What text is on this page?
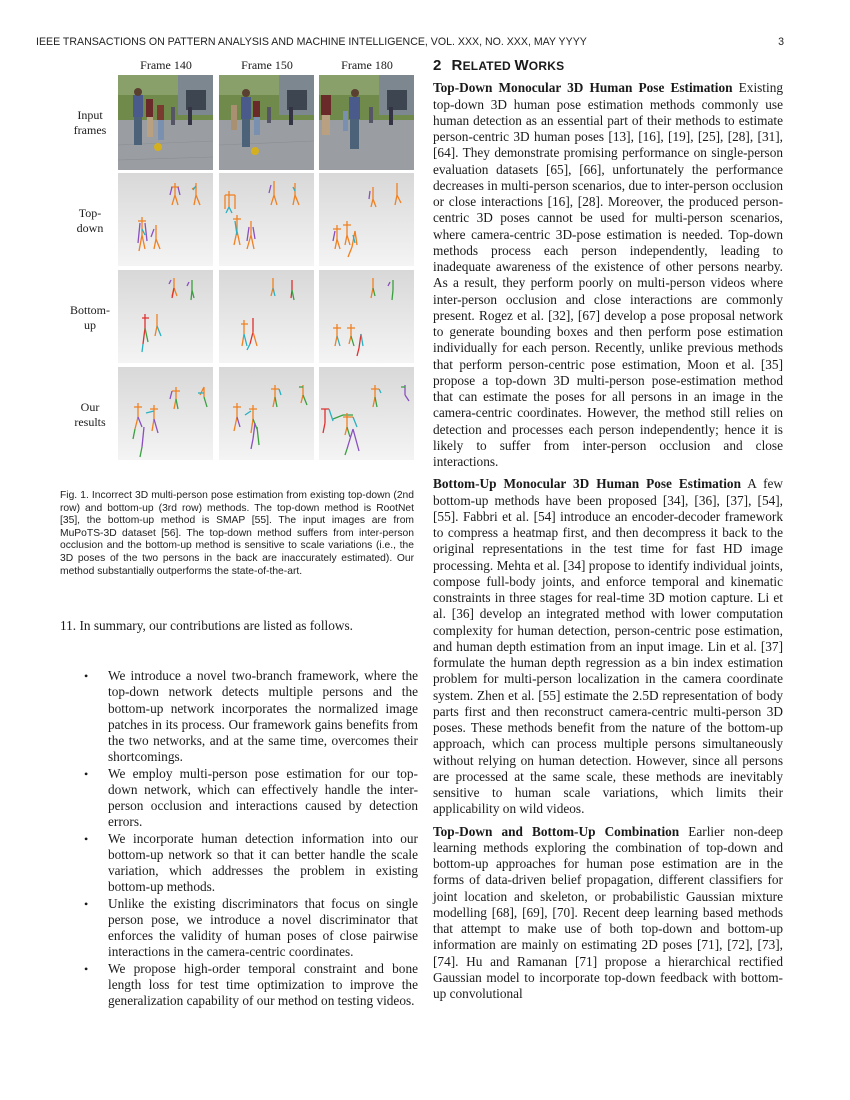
IEEE TRANSACTIONS ON PATTERN ANALYSIS AND MACHINE INTELLIGENCE, VOL. XXX, NO. XXX, MAY YYYY	3
Frame 140	Frame 150	Frame 180
Input
frames
Top-
down
Bottom-
up
Our
results
Fig. 1. Incorrect 3D multi-person pose estimation from existing top-down (2nd row) and bottom-up (3rd row) methods. The top-down method is RootNet [35], the bottom-up method is SMAP [55]. The input images are from MuPoTS-3D dataset [56]. The top-down method suffers from inter-person occlusion and the bottom-up method is sensitive to scale variations (i.e., the 3D poses of the two persons in the back are inaccurately estimated). Our method substantially outperforms the state-of-the-art.
11. In summary, our contributions are listed as follows.
• We introduce a novel two-branch framework, where the top-down network detects multiple persons and the bottom-up network incorporates the normalized image patches in its process. Our framework gains benefits from the two networks, and at the same time, overcomes their shortcomings.
• We employ multi-person pose estimation for our top-down network, which can effectively handle the inter-person occlusion and interactions caused by detection errors.
• We incorporate human detection information into our bottom-up network so that it can better handle the scale variation, which addresses the problem in existing bottom-up methods.
• Unlike the existing discriminators that focus on single person pose, we introduce a novel discriminator that enforces the validity of human poses of close pairwise interactions in the camera-centric coordinates.
• We propose high-order temporal constraint and bone length loss for test time optimization to improve the generalization capability of our method on testing videos.
2 RELATED WORKS

Top-Down Monocular 3D Human Pose Estimation Existing top-down 3D human pose estimation methods commonly use human detection as an essential part of their methods to estimate person-centric 3D human poses [13], [16], [19], [25], [28], [31], [64]. They demonstrate promising performance on single-person evaluation datasets [65], [66], unfortunately the performance decreases in multi-person scenarios, due to inter-person occlusion or close interactions [16], [28]. Moreover, the produced person-centric 3D poses cannot be used for multi-person scenarios, where camera-centric 3D-pose estimation is needed. Top-down methods process each person independently, leading to inadequate awareness of the existence of other persons nearby. As a result, they perform poorly on multi-person videos where inter-person occlusion and close interactions are commonly present. Rogez et al. [32], [67] develop a pose proposal network to generate bounding boxes and then perform pose estimation individually for each person. Recently, unlike previous methods that perform person-centric pose estimation, Moon et al. [35] propose a top-down 3D multi-person pose-estimation method that can estimate the poses for all persons in an image in the camera-centric coordinates. However, the method still relies on detection and processes each person independently; hence it is likely to suffer from inter-person occlusion and close interactions.

Bottom-Up Monocular 3D Human Pose Estimation A few bottom-up methods have been proposed [34], [36], [37], [54], [55]. Fabbri et al. [54] introduce an encoder-decoder framework to compress a heatmap first, and then decompress it back to the original representations in the test time for fast HD image processing. Mehta et al. [34] propose to identify individual joints, compose full-body joints, and enforce temporal and kinematic constraints in three stages for real-time 3D motion capture. Li et al. [36] develop an integrated method with lower computation complexity for human detection, person-centric pose estimation, and human depth estimation from an input image. Lin et al. [37] formulate the human depth regression as a bin index estimation problem for multi-person localization in the camera coordinate system. Zhen et al. [55] estimate the 2.5D representation of body parts first and then reconstruct camera-centric multi-person 3D poses. These methods benefit from the nature of the bottom-up approach, which can process multiple persons simultaneously without relying on human detection. However, since all persons are processed at the same scale, these methods are inevitably sensitive to human scale variations, which limits their applicability on wild videos.

Top-Down and Bottom-Up Combination Earlier non-deep learning methods exploring the combination of top-down and bottom-up approaches for human pose estimation are in the forms of data-driven belief propagation, different classifiers for joint location and skeleton, or probabilistic Gaussian mixture modelling [68], [69], [70]. Recent deep learning based methods that attempt to make use of both top-down and bottom-up information are mainly on estimating 2D poses [71], [72], [73], [74]. Hu and Ramanan [71] propose a hierarchical rectified Gaussian model to incorporate top-down feedback with bottom-up convolutional
